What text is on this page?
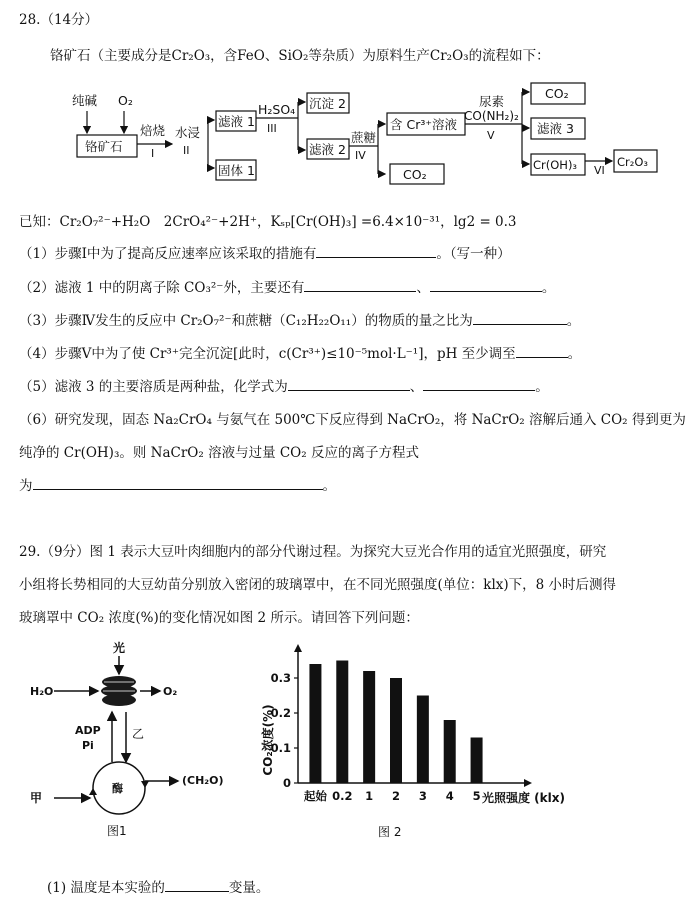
28.（14分）
铬矿石（主要成分是Cr₂O₃，含FeO、SiO₂等杂质）为原料生产Cr₂O₃的流程如下：
纯碱 O₂
铬矿石
焙烧
I
水浸
II
滤液 1
固体 1
H₂SO₄
III
沉淀 2
滤液 2
蔗糖
IV
含 Cr³⁺溶液
CO₂
尿素
CO(NH₂)₂
V
CO₂
滤液 3
Cr(OH)₃ VI
Cr₂O₃
已知：Cr₂O₇²⁻+H₂O　2CrO₄²⁻+2H⁺，Kₛₚ[Cr(OH)₃] =6.4×10⁻³¹，lg2 = 0.3
（1）步骤Ⅰ中为了提高反应速率应该采取的措施有	。（写一种）
（2）滤液 1 中的阴离子除 CO₃²⁻外，主要还有	、	。
（3）步骤Ⅳ发生的反应中 Cr₂O₇²⁻和蔗糖（C₁₂H₂₂O₁₁）的物质的量之比为	。
（4）步骤Ⅴ中为了使 Cr³⁺完全沉淀[此时，c(Cr³⁺)≤10⁻⁵mol·L⁻¹]，pH 至少调至	。
（5）滤液 3 的主要溶质是两种盐，化学式为	、	。
（6）研究发现，固态 Na₂CrO₄ 与氨气在 500℃下反应得到 NaCrO₂，将 NaCrO₂ 溶解后通入 CO₂ 得到更为
纯净的 Cr(OH)₃。则 NaCrO₂ 溶液与过量 CO₂ 反应的离子方程式
为	。
29.（9分）图 1 表示大豆叶肉细胞内的部分代谢过程。为探究大豆光合作用的适宜光照强度，研究
小组将长势相同的大豆幼苗分别放入密闭的玻璃罩中，在不同光照强度(单位：klx)下，8 小时后测得
玻璃罩中 CO₂ 浓度(%)的变化情况如图 2 所示。请回答下列问题：
光
H₂O	O₂
ADP
Pi
乙
酶
(CH₂O)
甲
图1
0
0.1
0.2
0.3
起始 0.2 1 2 3 4 5
CO₂浓度(%)
光照强度 (klx)
图 2
(1) 温度是本实验的	变量。
